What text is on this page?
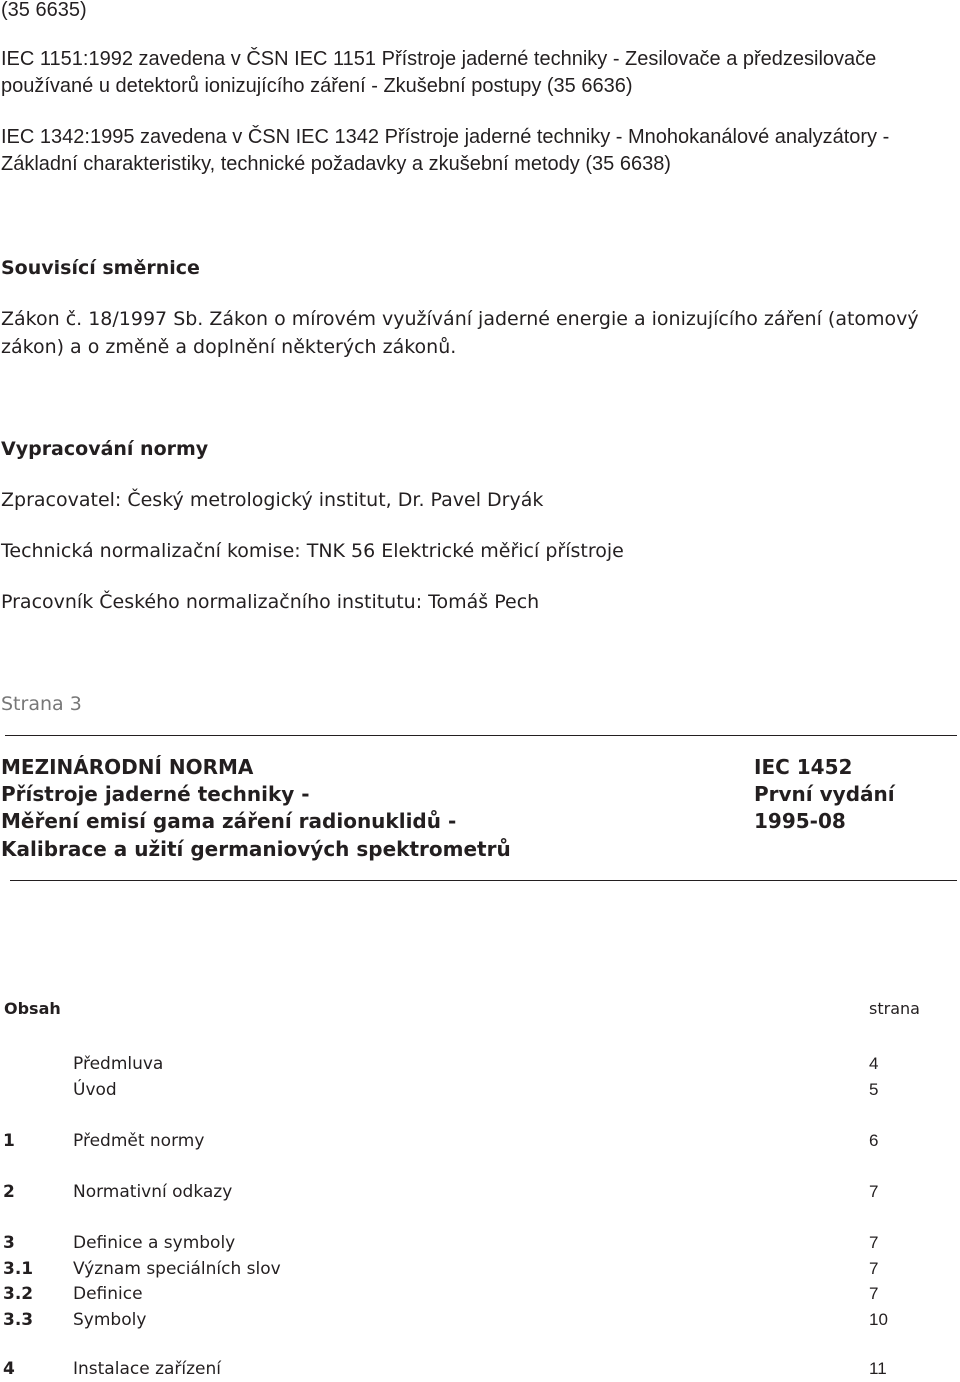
(35 6635)
IEC 1151:1992 zavedena v ČSN IEC 1151 Přístroje jaderné techniky - Zesilovače a předzesilovače
používané u detektorů ionizujícího záření - Zkušební postupy (35 6636)
IEC 1342:1995 zavedena v ČSN IEC 1342 Přístroje jaderné techniky - Mnohokanálové analyzátory -
Základní charakteristiky, technické požadavky a zkušební metody (35 6638)
Souvisící směrnice
Zákon č. 18/1997 Sb. Zákon o mírovém využívání jaderné energie a ionizujícího záření (atomový
zákon) a o změně a doplnění některých zákonů.
Vypracování normy
Zpracovatel: Český metrologický institut, Dr. Pavel Dryák
Technická normalizační komise: TNK 56 Elektrické měřicí přístroje
Pracovník Českého normalizačního institutu: Tomáš Pech
Strana 3
MEZINÁRODNÍ NORMA
Přístroje jaderné techniky -
Měření emisí gama záření radionuklidů -
Kalibrace a užití germaniových spektrometrů
IEC 1452
První vydání
1995-08
Obsah	strana
Předmluva	4
Úvod	5
1	Předmět normy	6
2	Normativní odkazy	7
3	Definice a symboly	7
3.1 Význam speciálních slov	7
3.2 Definice	7
3.3 Symboly	10
4	Instalace zařízení	11
